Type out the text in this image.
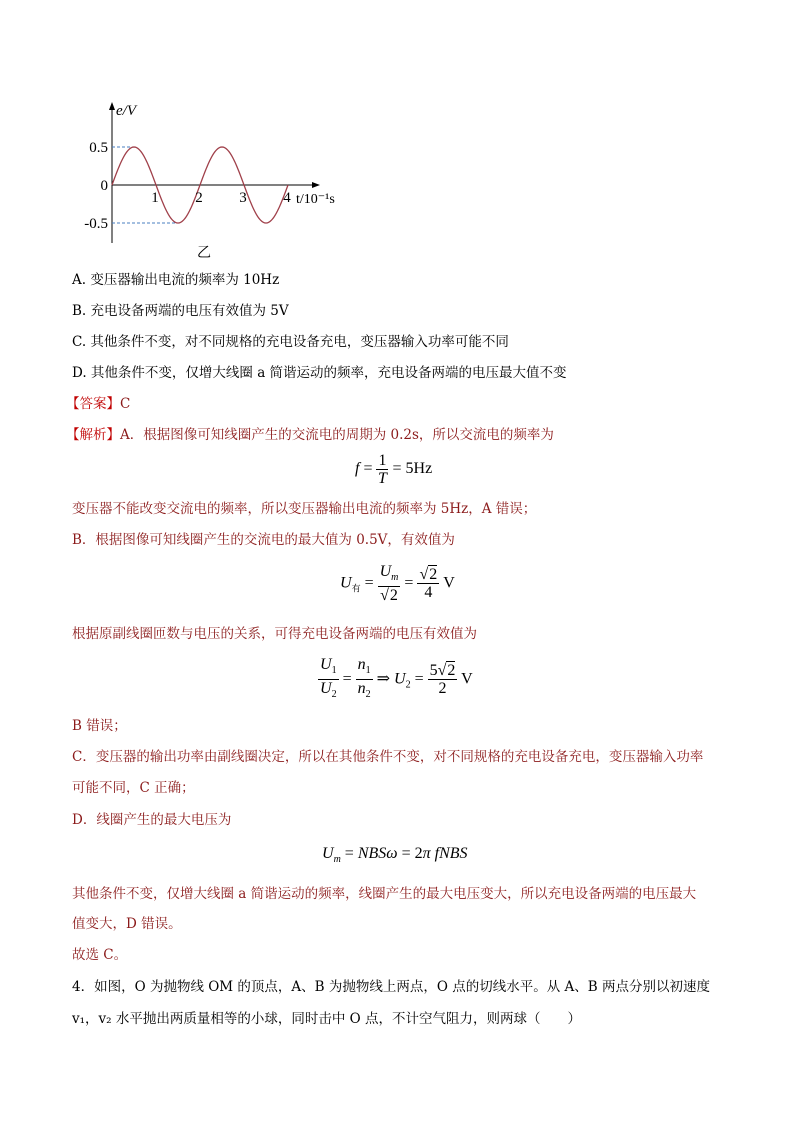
0.5
0
-0.5
1 2 3 4
e/V
t/10⁻¹s
乙
A. 变压器输出电流的频率为 10Hz
B. 充电设备两端的电压有效值为 5V
C. 其他条件不变，对不同规格的充电设备充电，变压器输入功率可能不同
D. 其他条件不变，仅增大线圈 a 简谐运动的频率，充电设备两端的电压最大值不变
【答案】C
【解析】A．根据图像可知线圈产生的交流电的周期为 0.2s，所以交流电的频率为
$f = \frac{1}{T} = 5Hz$
变压器不能改变交流电的频率，所以变压器输出电流的频率为 5Hz，A 错误；
B．根据图像可知线圈产生的交流电的最大值为 0.5V，有效值为
$U_有 = \frac{U_m}{√2} = \frac{√2}{4}$ V
根据原副线圈匝数与电压的关系，可得充电设备两端的电压有效值为
$\frac{U_1}{U_2} = \frac{n_1}{n_2}$ ⇒ $U_2 = \frac{5√2}{2}$ V
B 错误；
C．变压器的输出功率由副线圈决定，所以在其他条件不变，对不同规格的充电设备充电，变压器输入功率
可能不同，C 正确；
D．线圈产生的最大电压为
$U_m = NBS\omega = 2\pi$ fNBS
其他条件不变，仅增大线圈 a 简谐运动的频率，线圈产生的最大电压变大，所以充电设备两端的电压最大
值变大，D 错误。
故选 C。
4．如图，O 为抛物线 OM 的顶点，A、B 为抛物线上两点，O 点的切线水平。从 A、B 两点分别以初速度
v₁，v₂ 水平抛出两质量相等的小球，同时击中 O 点，不计空气阻力，则两球（　　）
